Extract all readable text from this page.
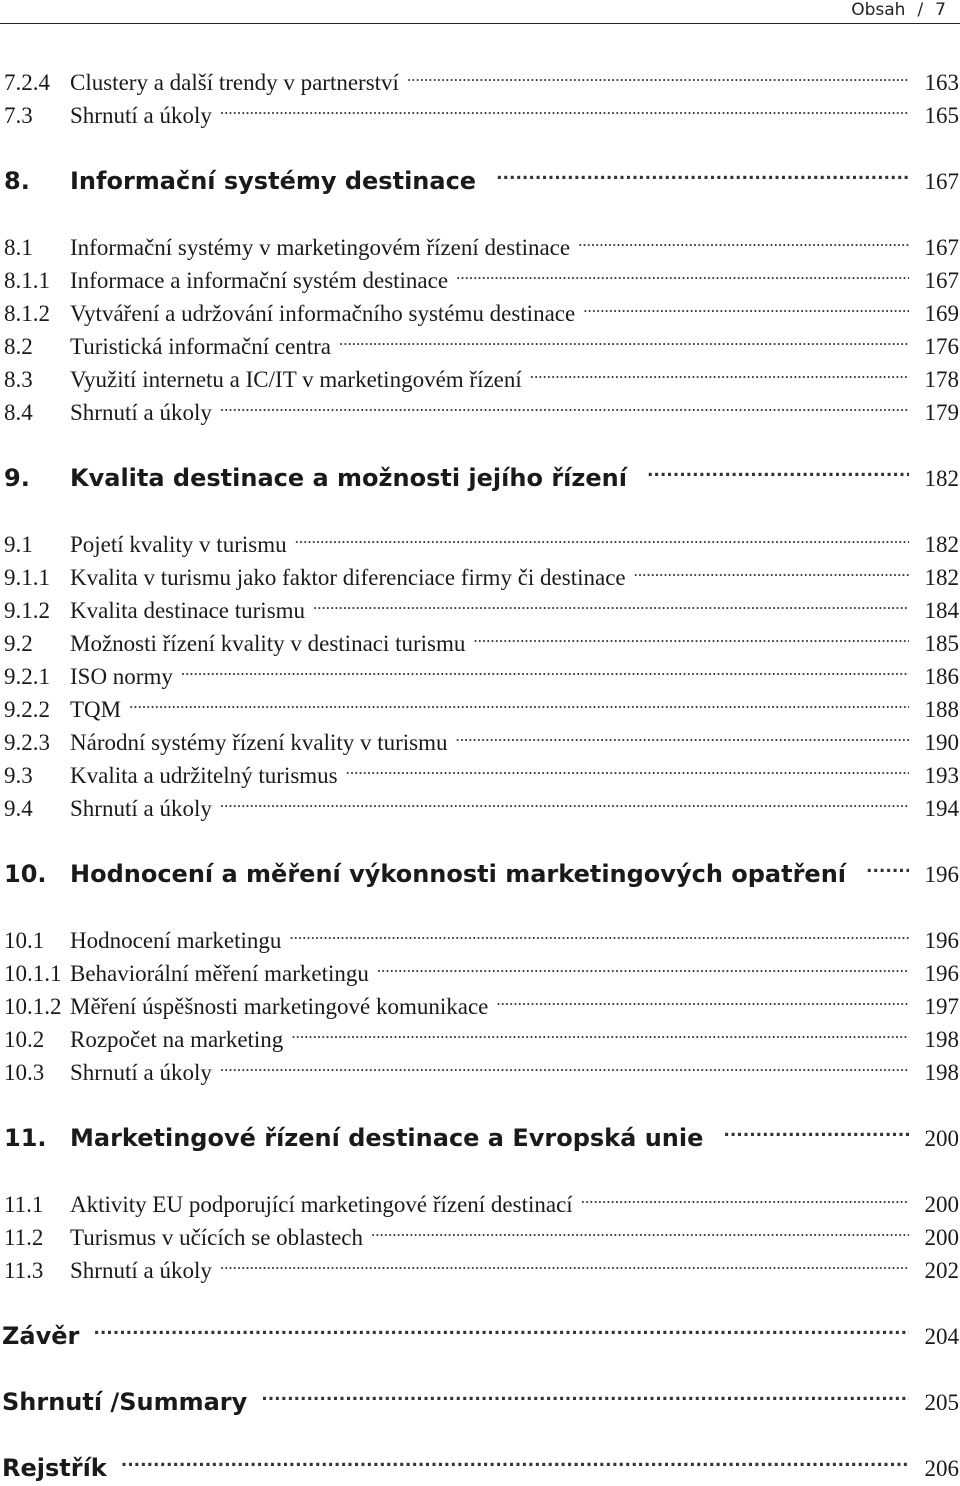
Obsah / 7
7.2.4 Clustery a další trendy v partnerství .....	163
7.3	Shrnutí a úkoly .....	165
8.	Informační systémy destinace .....	167
8.1	Informační systémy v marketingovém řízení destinace .....	167
8.1.1 Informace a informační systém destinace .....	167
8.1.2 Vytváření a udržování informačního systému destinace .....	169
8.2	Turistická informační centra .....	176
8.3	Využití internetu a IC/IT v marketingovém řízení .....	178
8.4	Shrnutí a úkoly .....	179
9.	Kvalita destinace a možnosti jejího řízení .....	182
9.1	Pojetí kvality v turismu .....	182
9.1.1 Kvalita v turismu jako faktor diferenciace firmy či destinace .....	182
9.1.2 Kvalita destinace turismu .....	184
9.2	Možnosti řízení kvality v destinaci turismu .....	185
9.2.1 ISO normy .....	186
9.2.2 TQM .....	188
9.2.3 Národní systémy řízení kvality v turismu .....	190
9.3	Kvalita a udržitelný turismus .....	193
9.4	Shrnutí a úkoly .....	194
10. Hodnocení a měření výkonnosti marketingových opatření .....	196
10.1	Hodnocení marketingu .....	196
10.1.1 Behaviorální měření marketingu .....	196
10.1.2 Měření úspěšnosti marketingové komunikace .....	197
10.2	Rozpočet na marketing .....	198
10.3	Shrnutí a úkoly .....	198
11. Marketingové řízení destinace a Evropská unie .....	200
11.1	Aktivity EU podporující marketingové řízení destinací .....	200
11.2	Turismus v učících se oblastech .....	200
11.3	Shrnutí a úkoly .....	202
Závěr .....	204
Shrnutí /Summary .....	205
Rejstřík .....	206
